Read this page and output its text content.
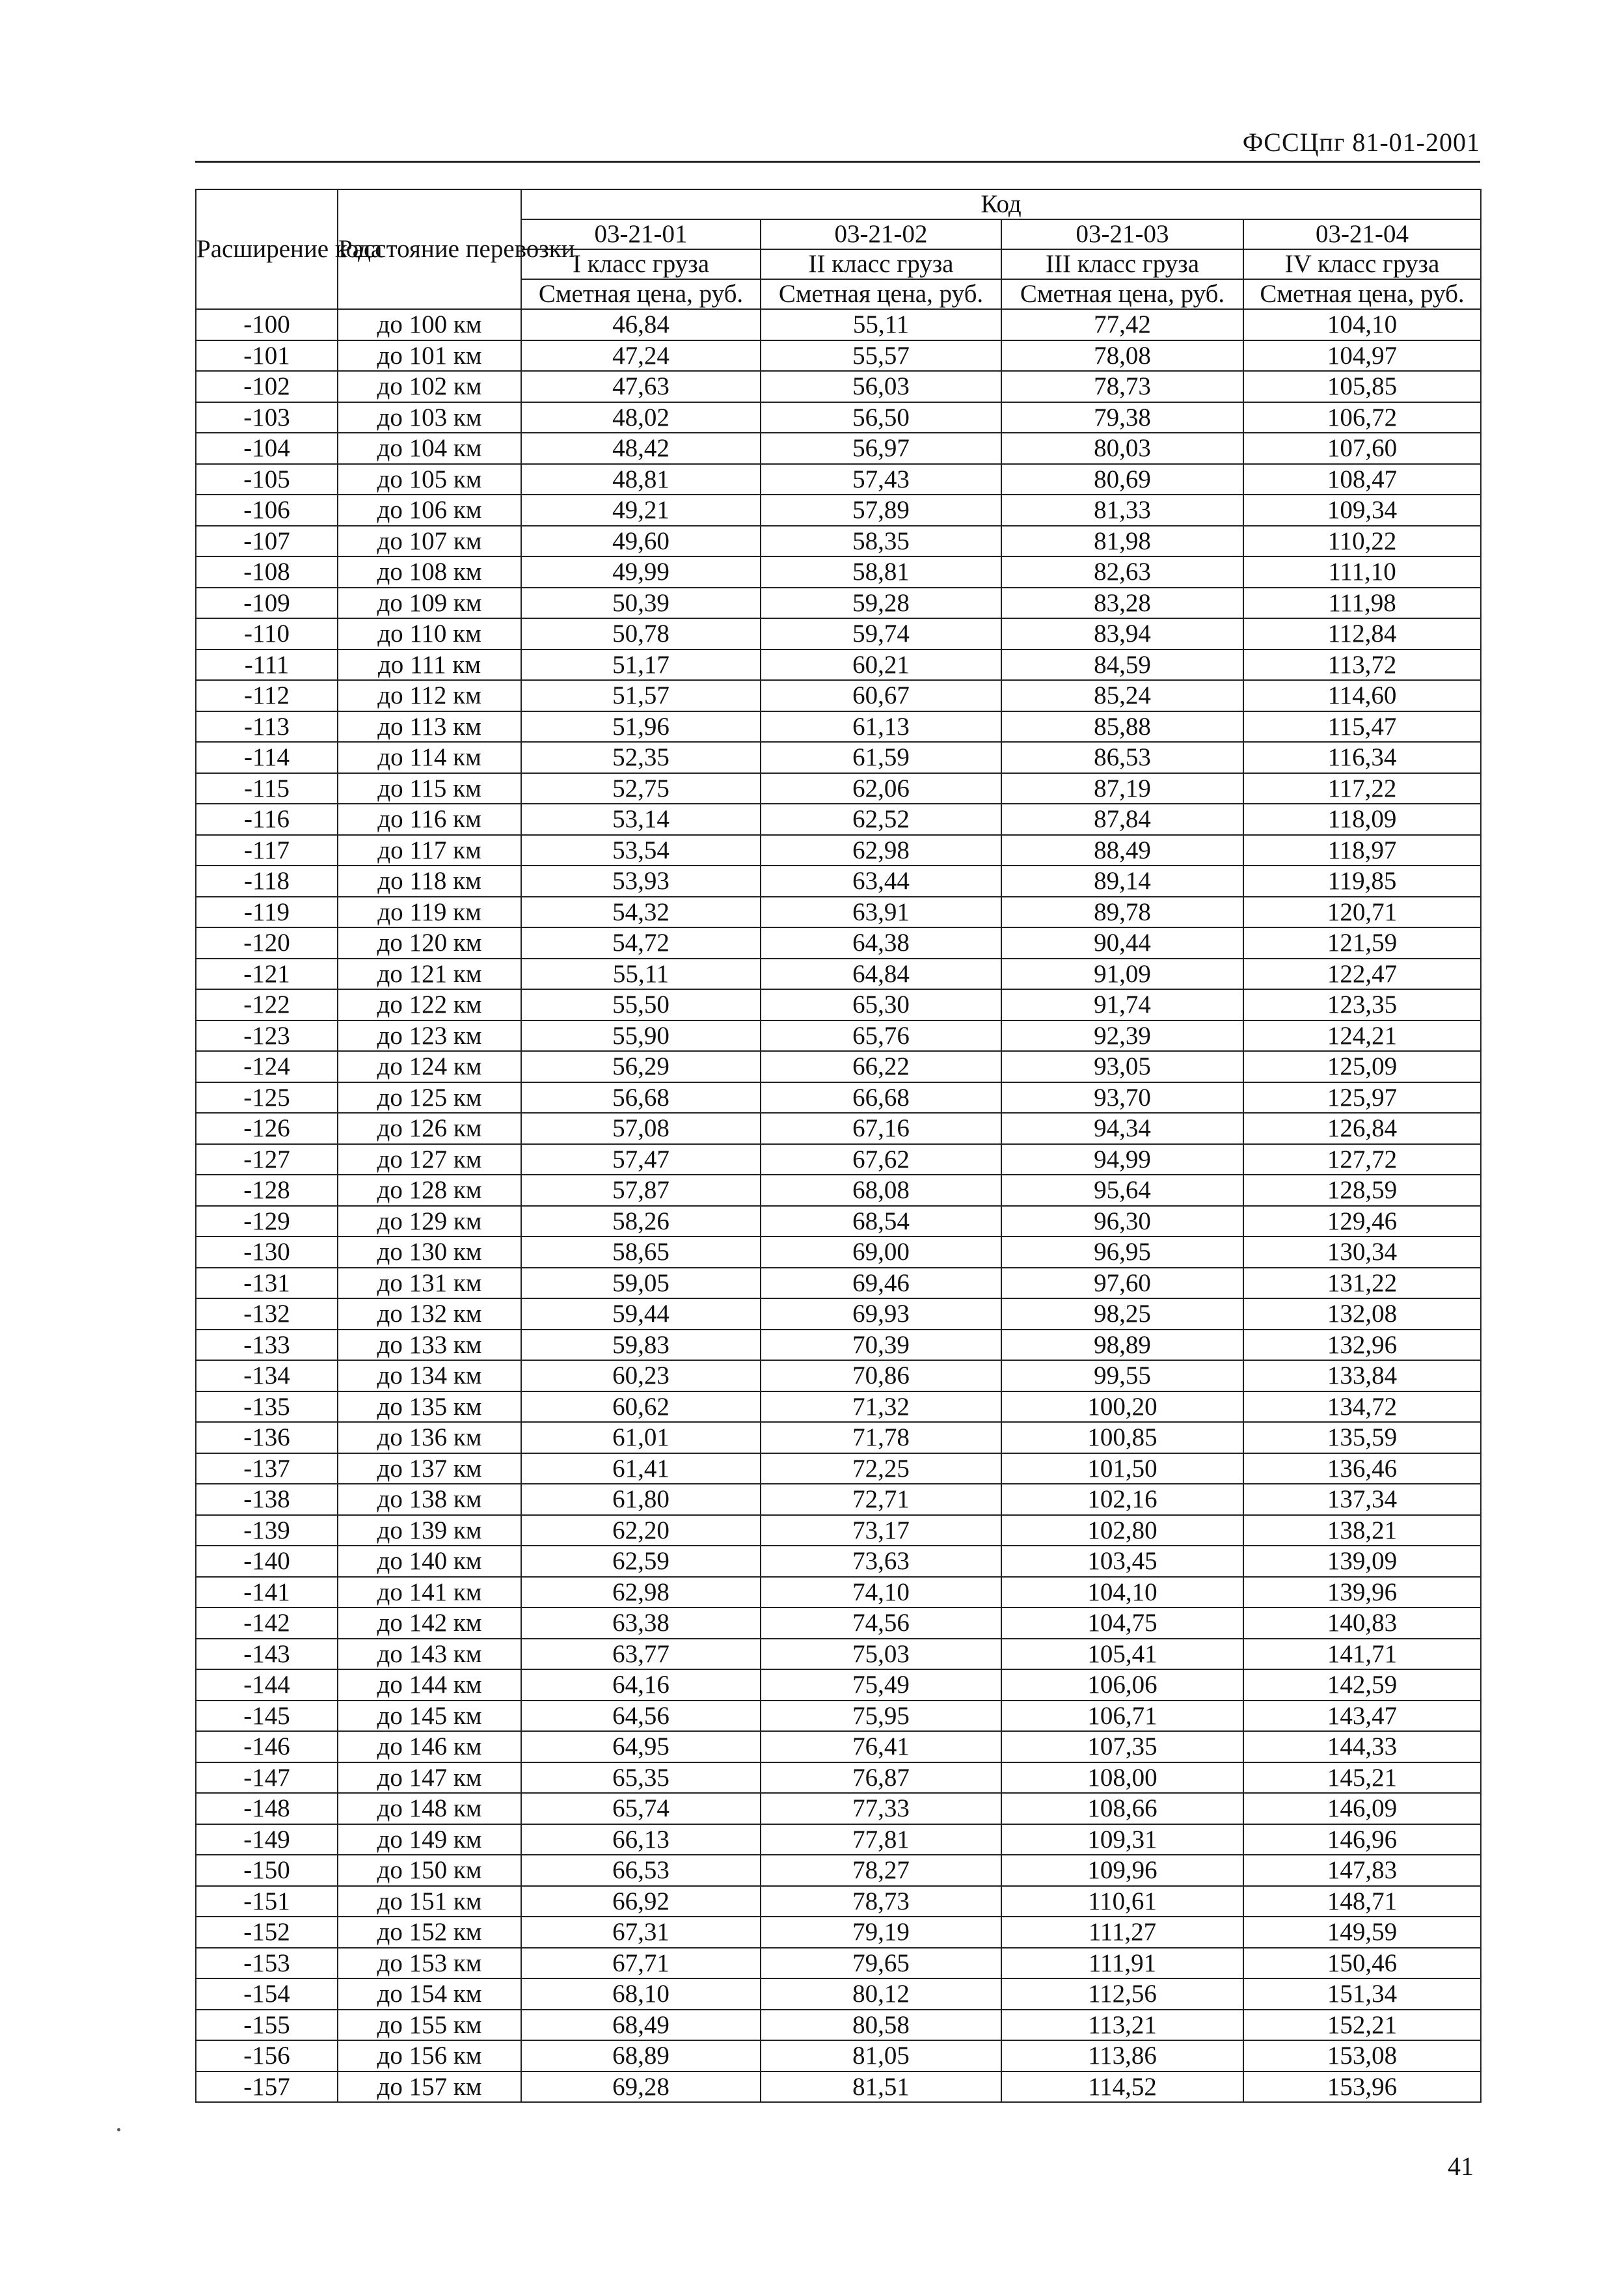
ФССЦпг 81-01-2001
Расширение кода	Расстояние перевозки	Код			
		03-21-01	03-21-02	03-21-03	03-21-04
		I класс груза	II класс груза	III класс груза	IV класс груза
		Сметная цена, руб.	Сметная цена, руб.	Сметная цена, руб.	Сметная цена, руб.
-100	до 100 км	46,84	55,11	77,42	104,10
-101	до 101 км	47,24	55,57	78,08	104,97
-102	до 102 км	47,63	56,03	78,73	105,85
-103	до 103 км	48,02	56,50	79,38	106,72
-104	до 104 км	48,42	56,97	80,03	107,60
-105	до 105 км	48,81	57,43	80,69	108,47
-106	до 106 км	49,21	57,89	81,33	109,34
-107	до 107 км	49,60	58,35	81,98	110,22
-108	до 108 км	49,99	58,81	82,63	111,10
-109	до 109 км	50,39	59,28	83,28	111,98
-110	до 110 км	50,78	59,74	83,94	112,84
-111	до 111 км	51,17	60,21	84,59	113,72
-112	до 112 км	51,57	60,67	85,24	114,60
-113	до 113 км	51,96	61,13	85,88	115,47
-114	до 114 км	52,35	61,59	86,53	116,34
-115	до 115 км	52,75	62,06	87,19	117,22
-116	до 116 км	53,14	62,52	87,84	118,09
-117	до 117 км	53,54	62,98	88,49	118,97
-118	до 118 км	53,93	63,44	89,14	119,85
-119	до 119 км	54,32	63,91	89,78	120,71
-120	до 120 км	54,72	64,38	90,44	121,59
-121	до 121 км	55,11	64,84	91,09	122,47
-122	до 122 км	55,50	65,30	91,74	123,35
-123	до 123 км	55,90	65,76	92,39	124,21
-124	до 124 км	56,29	66,22	93,05	125,09
-125	до 125 км	56,68	66,68	93,70	125,97
-126	до 126 км	57,08	67,16	94,34	126,84
-127	до 127 км	57,47	67,62	94,99	127,72
-128	до 128 км	57,87	68,08	95,64	128,59
-129	до 129 км	58,26	68,54	96,30	129,46
-130	до 130 км	58,65	69,00	96,95	130,34
-131	до 131 км	59,05	69,46	97,60	131,22
-132	до 132 км	59,44	69,93	98,25	132,08
-133	до 133 км	59,83	70,39	98,89	132,96
-134	до 134 км	60,23	70,86	99,55	133,84
-135	до 135 км	60,62	71,32	100,20	134,72
-136	до 136 км	61,01	71,78	100,85	135,59
-137	до 137 км	61,41	72,25	101,50	136,46
-138	до 138 км	61,80	72,71	102,16	137,34
-139	до 139 км	62,20	73,17	102,80	138,21
-140	до 140 км	62,59	73,63	103,45	139,09
-141	до 141 км	62,98	74,10	104,10	139,96
-142	до 142 км	63,38	74,56	104,75	140,83
-143	до 143 км	63,77	75,03	105,41	141,71
-144	до 144 км	64,16	75,49	106,06	142,59
-145	до 145 км	64,56	75,95	106,71	143,47
-146	до 146 км	64,95	76,41	107,35	144,33
-147	до 147 км	65,35	76,87	108,00	145,21
-148	до 148 км	65,74	77,33	108,66	146,09
-149	до 149 км	66,13	77,81	109,31	146,96
-150	до 150 км	66,53	78,27	109,96	147,83
-151	до 151 км	66,92	78,73	110,61	148,71
-152	до 152 км	67,31	79,19	111,27	149,59
-153	до 153 км	67,71	79,65	111,91	150,46
-154	до 154 км	68,10	80,12	112,56	151,34
-155	до 155 км	68,49	80,58	113,21	152,21
-156	до 156 км	68,89	81,05	113,86	153,08
-157	до 157 км	69,28	81,51	114,52	153,96
41
